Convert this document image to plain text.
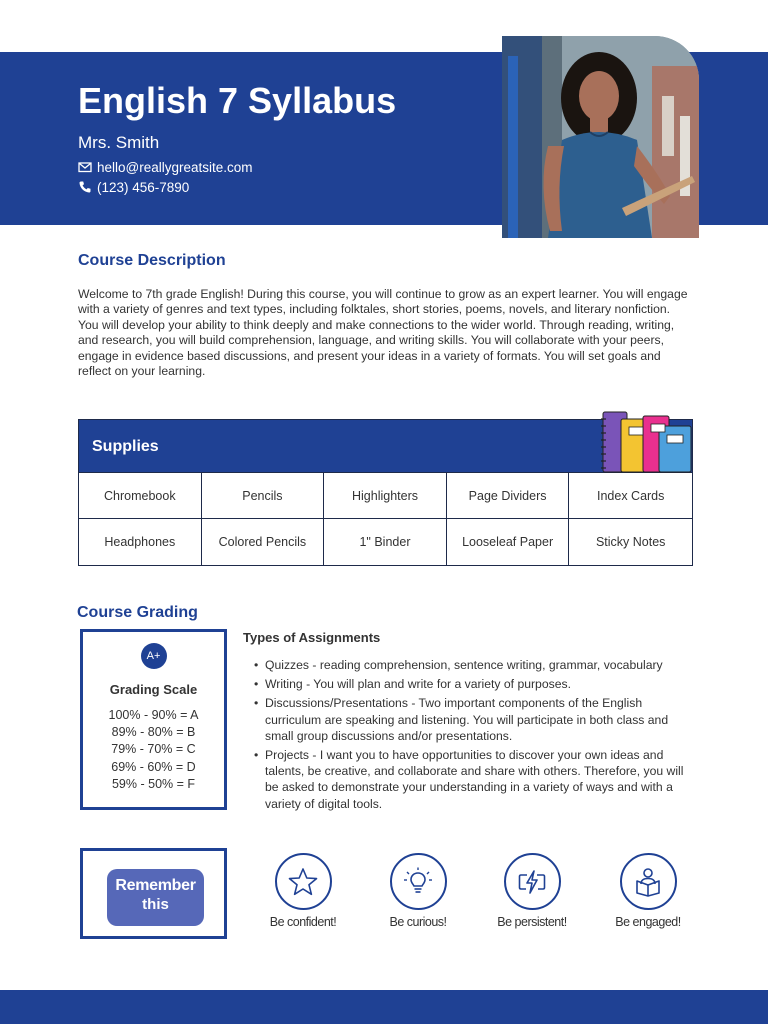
English 7 Syllabus
Mrs. Smith
hello@reallygreatsite.com
(123) 456-7890
Course Description

Welcome to 7th grade English! During this course, you will continue to grow as an expert learner. You will engage with a variety of genres and text types, including folktales, short stories, poems, novels, and literary nonfiction. You will develop your ability to think deeply and make connections to the wider world. Through reading, writing, and research, you will build comprehension, language, and writing skills. You will collaborate with your peers, engage in evidence based discussions, and present your ideas in a variety of formats. You will set goals and reflect on your learning.

Supplies
Chromebook	Pencils	Highlighters	Page Dividers	Index Cards
Headphones	Colored Pencils	1" Binder	Looseleaf Paper	Sticky Notes
Course Grading
A+
Grading Scale
100% - 90% = A
89% - 80% = B
79% - 70% = C
69% - 60% = D
59% - 50% = F
Types of Assignments
• Quizzes - reading comprehension, sentence writing, grammar, vocabulary
• Writing - You will plan and write for a variety of purposes.
• Discussions/Presentations - Two important components of the English curriculum are speaking and listening. You will participate in both class and small group discussions and/or presentations.
• Projects - I want you to have opportunities to discover your own ideas and talents, be creative, and collaborate and share with others. Therefore, you will be asked to demonstrate your understanding in a variety of ways and with a variety of digital tools.
Remember
this
Be confident!	Be curious!	Be persistent!	Be engaged!
